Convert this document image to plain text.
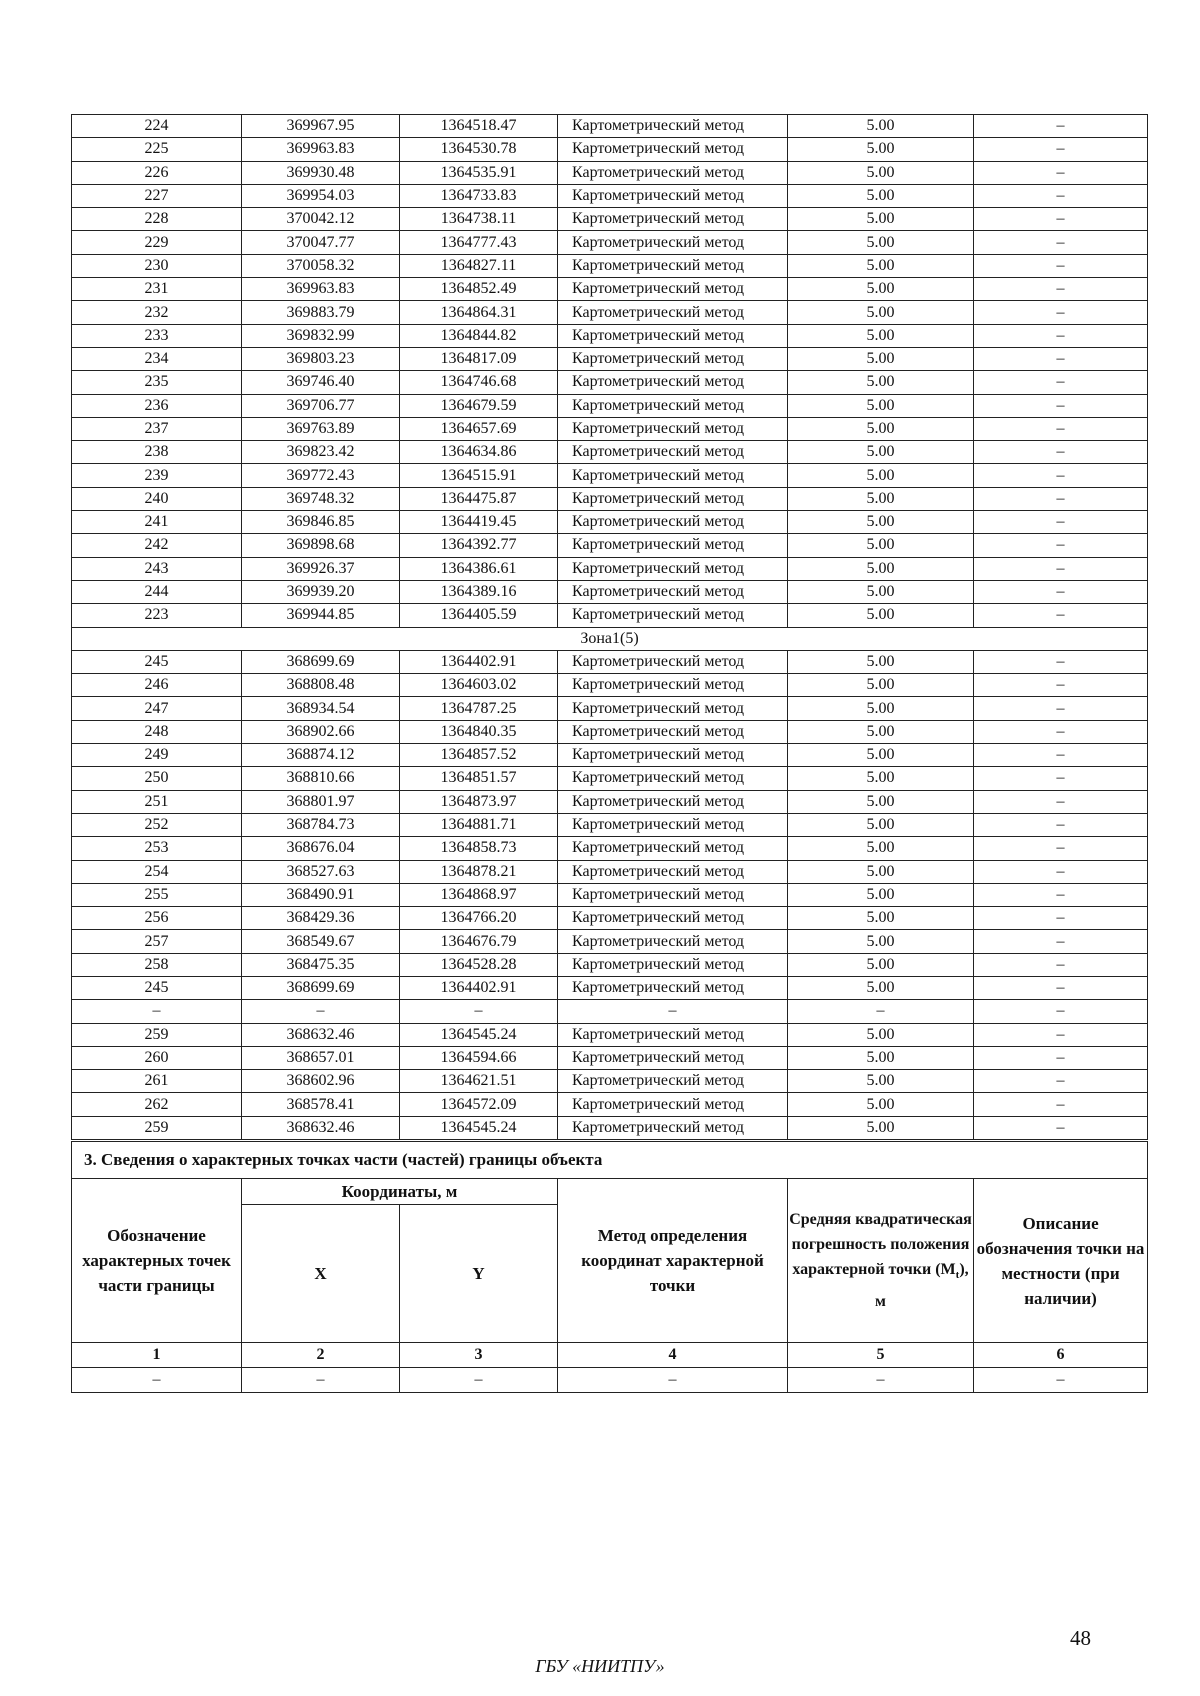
224	369967.95	1364518.47	Картометрический метод	5.00	–
225	369963.83	1364530.78	Картометрический метод	5.00	–
226	369930.48	1364535.91	Картометрический метод	5.00	–
227	369954.03	1364733.83	Картометрический метод	5.00	–
228	370042.12	1364738.11	Картометрический метод	5.00	–
229	370047.77	1364777.43	Картометрический метод	5.00	–
230	370058.32	1364827.11	Картометрический метод	5.00	–
231	369963.83	1364852.49	Картометрический метод	5.00	–
232	369883.79	1364864.31	Картометрический метод	5.00	–
233	369832.99	1364844.82	Картометрический метод	5.00	–
234	369803.23	1364817.09	Картометрический метод	5.00	–
235	369746.40	1364746.68	Картометрический метод	5.00	–
236	369706.77	1364679.59	Картометрический метод	5.00	–
237	369763.89	1364657.69	Картометрический метод	5.00	–
238	369823.42	1364634.86	Картометрический метод	5.00	–
239	369772.43	1364515.91	Картометрический метод	5.00	–
240	369748.32	1364475.87	Картометрический метод	5.00	–
241	369846.85	1364419.45	Картометрический метод	5.00	–
242	369898.68	1364392.77	Картометрический метод	5.00	–
243	369926.37	1364386.61	Картометрический метод	5.00	–
244	369939.20	1364389.16	Картометрический метод	5.00	–
223	369944.85	1364405.59	Картометрический метод	5.00	–
Зона1(5)					
245	368699.69	1364402.91	Картометрический метод	5.00	–
246	368808.48	1364603.02	Картометрический метод	5.00	–
247	368934.54	1364787.25	Картометрический метод	5.00	–
248	368902.66	1364840.35	Картометрический метод	5.00	–
249	368874.12	1364857.52	Картометрический метод	5.00	–
250	368810.66	1364851.57	Картометрический метод	5.00	–
251	368801.97	1364873.97	Картометрический метод	5.00	–
252	368784.73	1364881.71	Картометрический метод	5.00	–
253	368676.04	1364858.73	Картометрический метод	5.00	–
254	368527.63	1364878.21	Картометрический метод	5.00	–
255	368490.91	1364868.97	Картометрический метод	5.00	–
256	368429.36	1364766.20	Картометрический метод	5.00	–
257	368549.67	1364676.79	Картометрический метод	5.00	–
258	368475.35	1364528.28	Картометрический метод	5.00	–
245	368699.69	1364402.91	Картометрический метод	5.00	–
–	–	–	–	–	–
259	368632.46	1364545.24	Картометрический метод	5.00	–
260	368657.01	1364594.66	Картометрический метод	5.00	–
261	368602.96	1364621.51	Картометрический метод	5.00	–
262	368578.41	1364572.09	Картометрический метод	5.00	–
259	368632.46	1364545.24	Картометрический метод	5.00	–
3. Сведения о характерных точках части (частей) границы объекта					
Обозначение характерных точек части границы	Координаты, м		Метод определения координат характерной точки	Средняя квадратическая погрешность положения характерной точки $(M_t)$, м	Описание обозначения точки на местности (при наличии)
	X	Y			
1	2	3	4	5	6
–	–	–	–	–	–
48
ГБУ «НИИТПУ»
